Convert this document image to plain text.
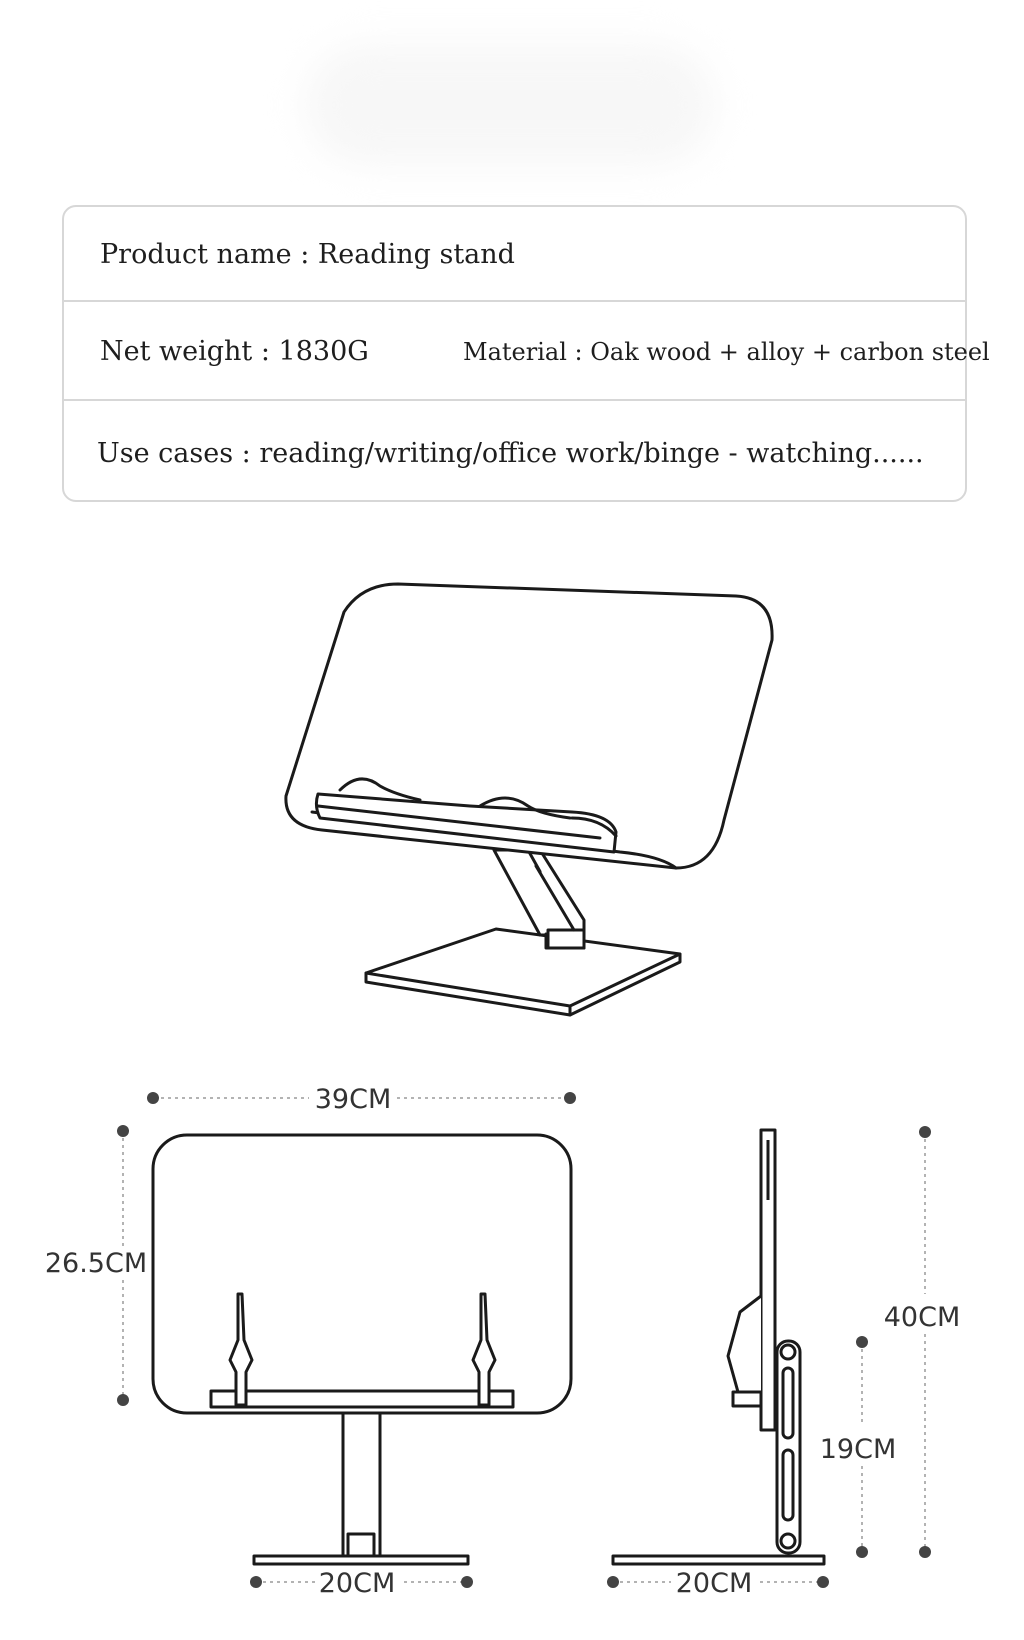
Product name : Reading stand
Net weight : 1830G	Material : Oak wood + alloy + carbon steel
Use cases : reading/writing/office work/binge - watching......
39CM
26.5CM
20CM
40CM
19CM
20CM
